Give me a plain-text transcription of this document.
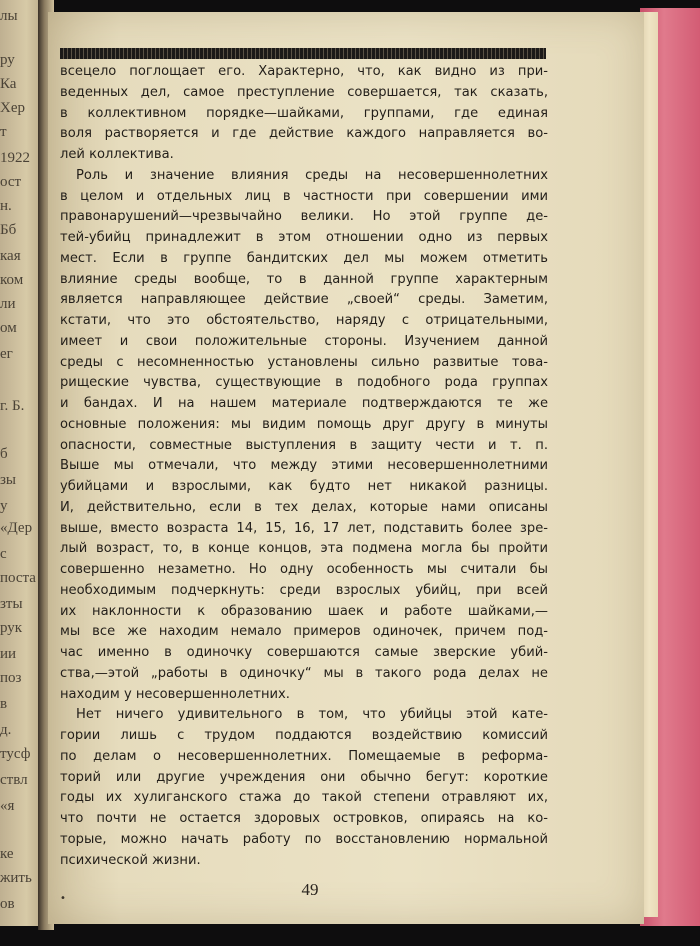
лы
ру
Ка
Хер
т
1922
ост
н.
Бб
кая
ком
ли
ом
ег
г. Б.
б
зы
у
«Дер
с
поста
зты
рук
ии
поз
в
д.
тусф
ствл
«я
ке
жить
ов
всецело поглощает его. Характерно, что, как видно из при-
веденных дел, самое преступление совершается, так сказать,
в коллективном порядке—шайками, группами, где единая
воля растворяется и где действие каждого направляется во-
лей коллектива.
Роль и значение влияния среды на несовершеннолетних
в целом и отдельных лиц в частности при совершении ими
правонарушений—чрезвычайно велики. Но этой группе де-
тей-убийц принадлежит в этом отношении одно из первых
мест. Если в группе бандитских дел мы можем отметить
влияние среды вообще, то в данной группе характерным
является направляющее действие „своей“ среды. Заметим,
кстати, что это обстоятельство, наряду с отрицательными,
имеет и свои положительные стороны. Изучением данной
среды с несомненностью установлены сильно развитые това-
рищеские чувства, существующие в подобного рода группах
и бандах. И на нашем материале подтверждаются те же
основные положения: мы видим помощь друг другу в минуты
опасности, совместные выступления в защиту чести и т. п.
Выше мы отмечали, что между этими несовершеннолетними
убийцами и взрослыми, как будто нет никакой разницы.
И, действительно, если в тех делах, которые нами описаны
выше, вместо возраста 14, 15, 16, 17 лет, подставить более зре-
лый возраст, то, в конце концов, эта подмена могла бы пройти
совершенно незаметно. Но одну особенность мы считали бы
необходимым подчеркнуть: среди взрослых убийц, при всей
их наклонности к образованию шаек и работе шайками,—
мы все же находим немало примеров одиночек, причем под-
час именно в одиночку совершаются самые зверские убий-
ства,—этой „работы в одиночку“ мы в такого рода делах не
находим у несовершеннолетних.
Нет ничего удивительного в том, что убийцы этой кате-
гории лишь с трудом поддаются воздействию комиссий
по делам о несовершеннолетних. Помещаемые в реформа-
торий или другие учреждения они обычно бегут: короткие
годы их хулиганского стажа до такой степени отравляют их,
что почти не остается здоровых островков, опираясь на ко-
торые, можно начать работу по восстановлению нормальной
психической жизни.
49
•
